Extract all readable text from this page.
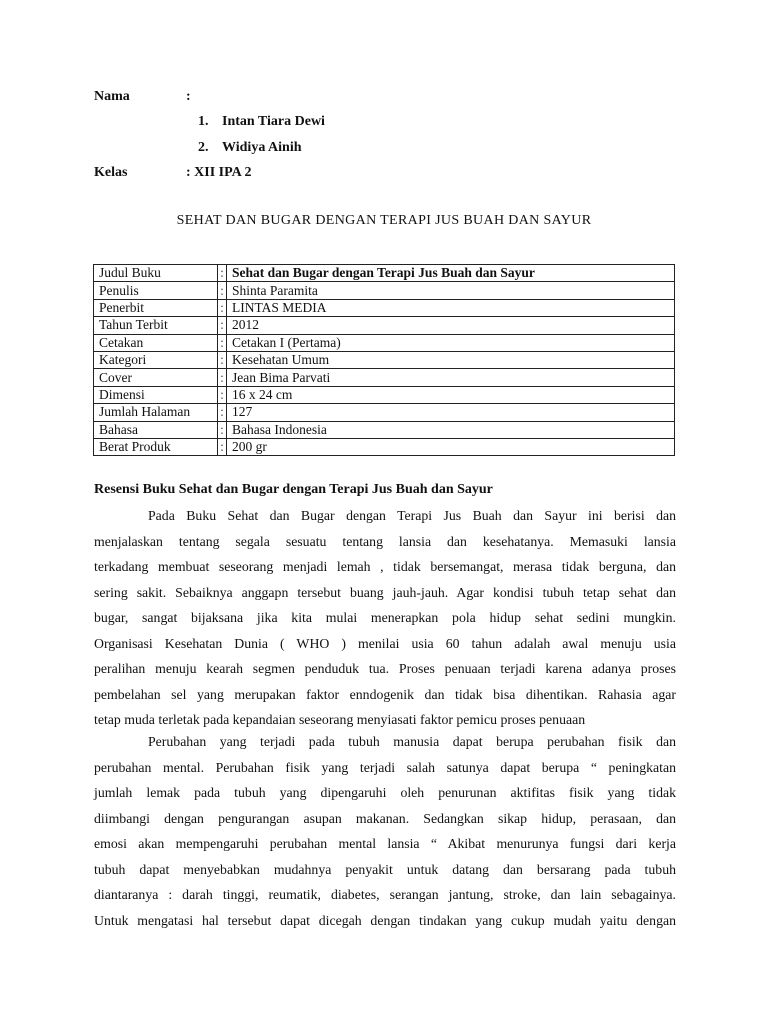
Nama	:
1. Intan Tiara Dewi
2. Widiya Ainih
Kelas	: XII IPA 2
SEHAT DAN BUGAR DENGAN TERAPI JUS BUAH DAN SAYUR
Judul Buku	:	Sehat dan Bugar dengan Terapi Jus Buah dan Sayur
Penulis	:	Shinta Paramita
Penerbit	:	LINTAS MEDIA
Tahun Terbit	:	2012
Cetakan	:	Cetakan I (Pertama)
Kategori	:	Kesehatan Umum
Cover	:	Jean Bima Parvati
Dimensi	:	16 x 24 cm
Jumlah Halaman	:	127
Bahasa	:	Bahasa Indonesia
Berat Produk	:	200 gr
Resensi Buku Sehat dan Bugar dengan Terapi Jus Buah dan Sayur
Pada Buku Sehat dan Bugar dengan Terapi Jus Buah dan Sayur ini berisi dan
menjalaskan tentang segala sesuatu tentang lansia dan kesehatanya. Memasuki lansia
terkadang membuat seseorang menjadi lemah , tidak bersemangat, merasa tidak berguna, dan
sering sakit. Sebaiknya anggapn tersebut buang jauh-jauh. Agar kondisi tubuh tetap sehat dan
bugar, sangat bijaksana jika kita mulai menerapkan pola hidup sehat sedini mungkin.
Organisasi Kesehatan Dunia ( WHO ) menilai usia 60 tahun adalah awal menuju usia
peralihan menuju kearah segmen penduduk tua. Proses penuaan terjadi karena adanya proses
pembelahan sel yang merupakan faktor enndogenik dan tidak bisa dihentikan. Rahasia agar
tetap muda terletak pada kepandaian seseorang menyiasati faktor pemicu proses penuaan
Perubahan yang terjadi pada tubuh manusia dapat berupa perubahan fisik dan
perubahan mental. Perubahan fisik yang terjadi salah satunya dapat berupa “ peningkatan
jumlah lemak pada tubuh yang dipengaruhi oleh penurunan aktifitas fisik yang tidak
diimbangi dengan pengurangan asupan makanan. Sedangkan sikap hidup, perasaan, dan
emosi akan mempengaruhi perubahan mental lansia “ Akibat menurunya fungsi dari kerja
tubuh dapat menyebabkan mudahnya penyakit untuk datang dan bersarang pada tubuh
diantaranya : darah tinggi, reumatik, diabetes, serangan jantung, stroke, dan lain sebagainya.
Untuk mengatasi hal tersebut dapat dicegah dengan tindakan yang cukup mudah yaitu dengan
